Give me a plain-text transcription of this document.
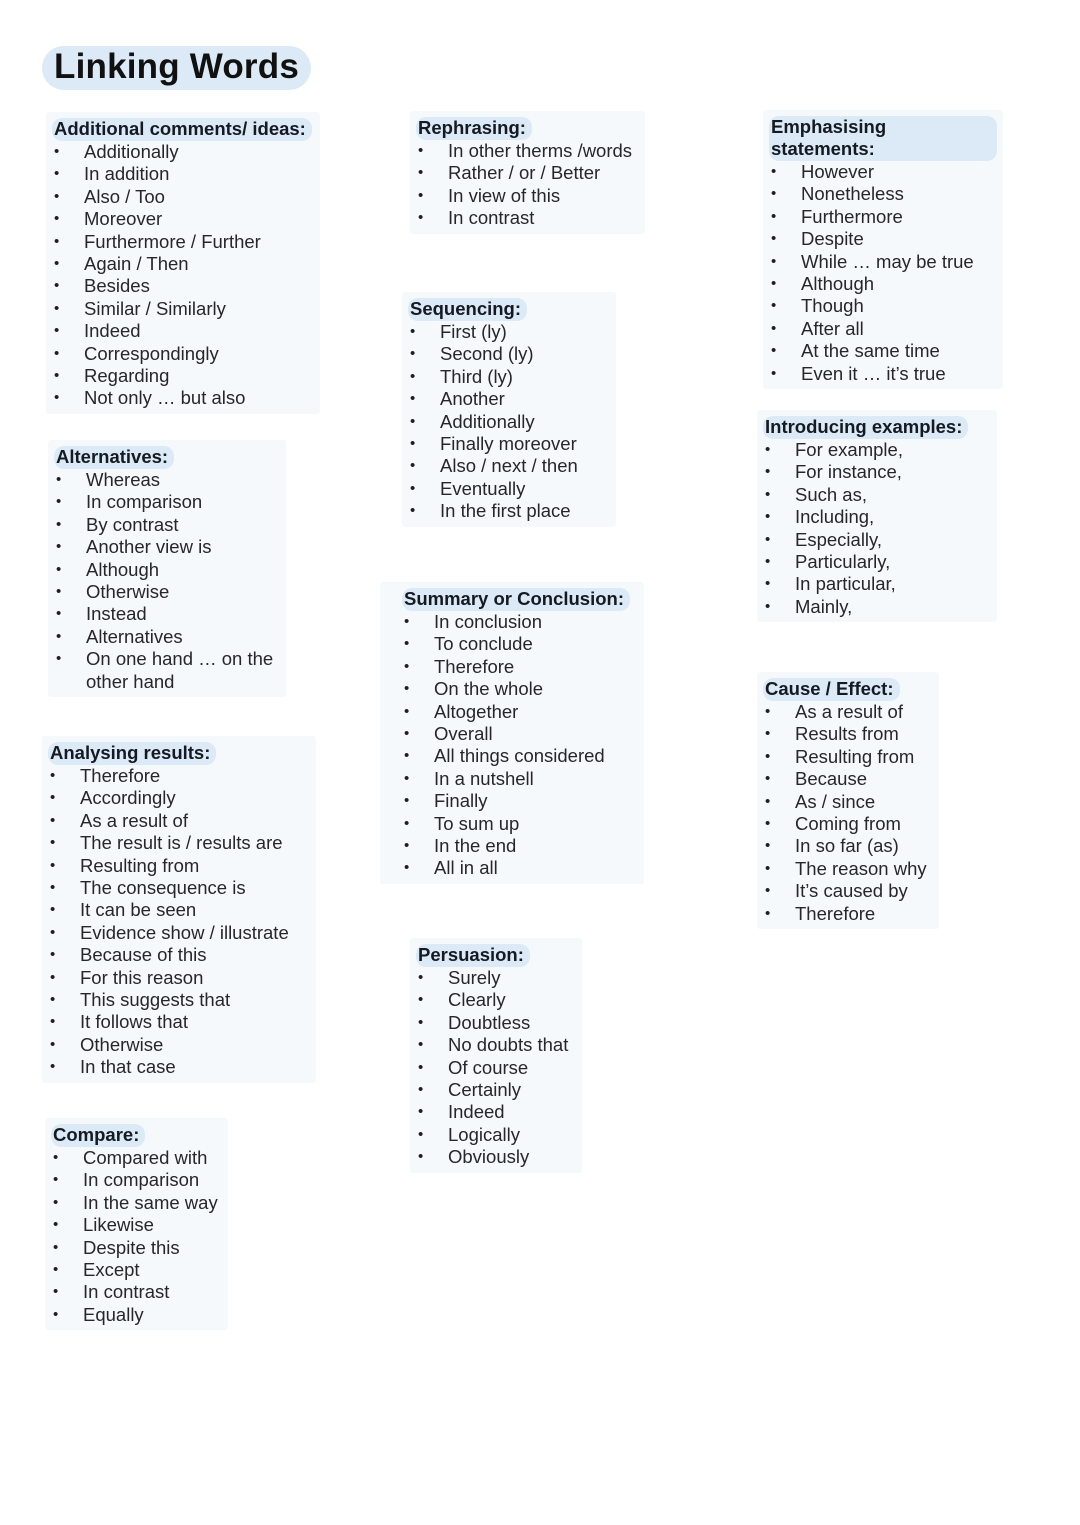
Linking Words
Additional comments/ ideas:
• Additionally
• In addition
• Also / Too
• Moreover
• Furthermore / Further
• Again / Then
• Besides
• Similar / Similarly
• Indeed
• Correspondingly
• Regarding
• Not only … but also
Alternatives:
• Whereas
• In comparison
• By contrast
• Another view is
• Although
• Otherwise
• Instead
• Alternatives
• On one hand … on the other hand
Analysing results:
• Therefore
• Accordingly
• As a result of
• The result is / results are
• Resulting from
• The consequence is
• It can be seen
• Evidence show / illustrate
• Because of this
• For this reason
• This suggests that
• It follows that
• Otherwise
• In that case
Compare:
• Compared with
• In comparison
• In the same way
• Likewise
• Despite this
• Except
• In contrast
• Equally
Rephrasing:
• In other therms /words
• Rather / or / Better
• In view of this
• In contrast
Sequencing:
• First (ly)
• Second (ly)
• Third (ly)
• Another
• Additionally
• Finally moreover
• Also / next / then
• Eventually
• In the first place
Summary or Conclusion:
• In conclusion
• To conclude
• Therefore
• On the whole
• Altogether
• Overall
• All things considered
• In a nutshell
• Finally
• To sum up
• In the end
• All in all
Persuasion:
• Surely
• Clearly
• Doubtless
• No doubts that
• Of course
• Certainly
• Indeed
• Logically
• Obviously
Emphasising statements:
• However
• Nonetheless
• Furthermore
• Despite
• While … may be true
• Although
• Though
• After all
• At the same time
• Even it … it’s true
Introducing examples:
• For example,
• For instance,
• Such as,
• Including,
• Especially,
• Particularly,
• In particular,
• Mainly,
Cause / Effect:
• As a result of
• Results from
• Resulting from
• Because
• As / since
• Coming from
• In so far (as)
• The reason why
• It’s caused by
• Therefore
